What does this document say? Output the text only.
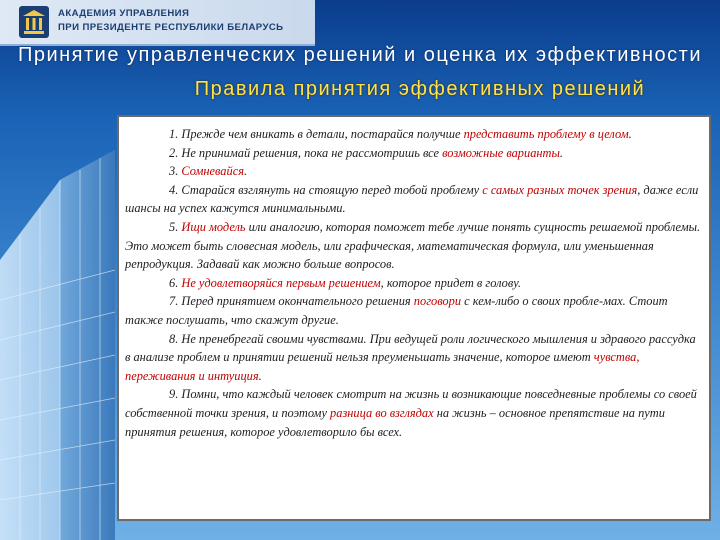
АКАДЕМИЯ УПРАВЛЕНИЯ
ПРИ ПРЕЗИДЕНТЕ РЕСПУБЛИКИ БЕЛАРУСЬ
Принятие управленческих решений и оценка их эффективности
Правила принятия эффективных решений

1. Прежде чем вникать в детали, постарайся получше представить проблему в целом.

2. Не принимай решения, пока не рассмотришь все возможные варианты.

3. Сомневайся.

4. Старайся взглянуть на стоящую перед тобой проблему с самых разных точек зрения, даже если шансы на успех кажутся минимальными.

5. Ищи модель или аналогию, которая поможет тебе лучше понять сущность решаемой проблемы. Это может быть словесная модель, или графическая, математическая формула, или уменьшенная репродукция. Задавай как можно больше вопросов.

6. Не удовлетворяйся первым решением, которое придет в голову.

7. Перед принятием окончательного решения поговори с кем-либо о своих пробле-мах. Стоит также послушать, что скажут другие.

8. Не пренебрегай своими чувствами. При ведущей роли логического мышления и здравого рассудка в анализе проблем и принятии решений нельзя преуменьшать значение, которое имеют чувства, переживания и интуиция.

9. Помни, что каждый человек смотрит на жизнь и возникающие повседневные проблемы со своей собственной точки зрения, и поэтому разница во взглядах на жизнь – основное препятствие на пути принятия решения, которое удовлетворило бы всех.
